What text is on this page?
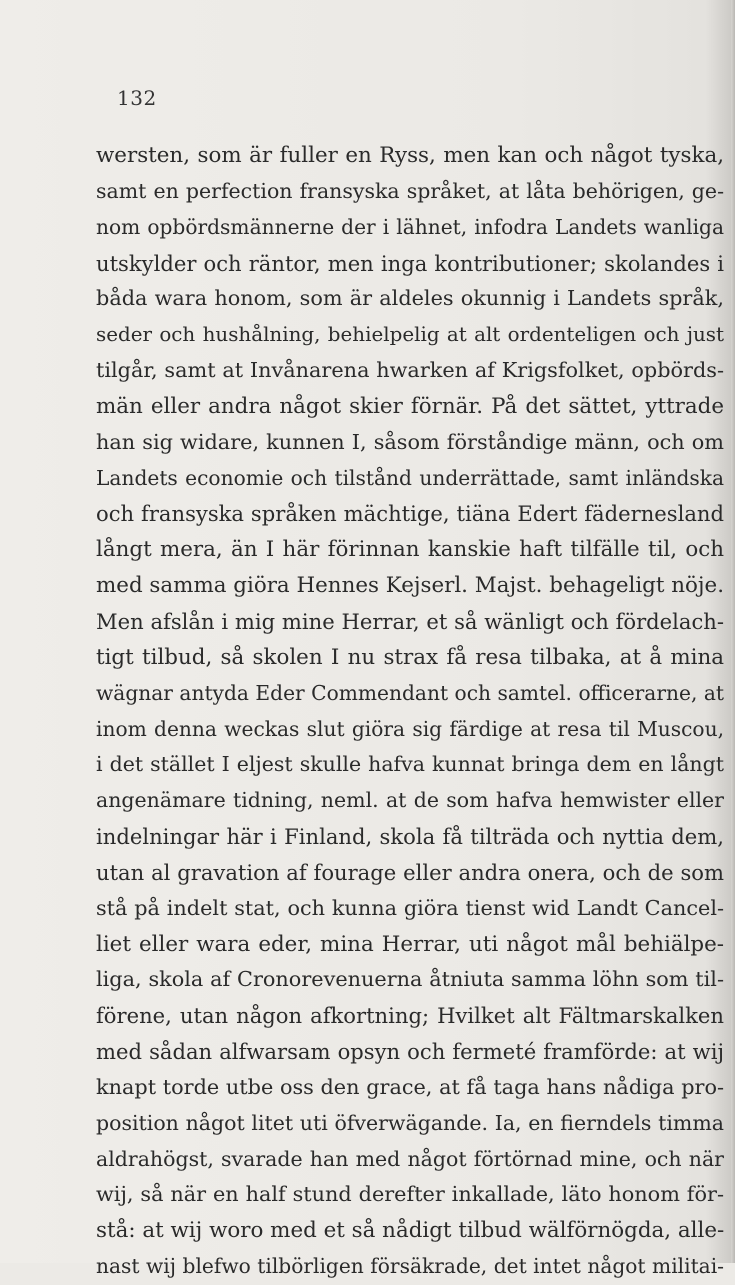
132
wersten, som är fuller en Ryss, men kan och något tyska,
samt en perfection fransyska språket, at låta behörigen, ge-
nom opbördsmännerne der i lähnet, infodra Landets wanliga
utskylder och räntor, men inga kontributioner; skolandes i
båda wara honom, som är aldeles okunnig i Landets språk,
seder och hushålning, behielpelig at alt ordenteligen och just
tilgår, samt at Invånarena hwarken af Krigsfolket, opbörds-
män eller andra något skier förnär. På det sättet, yttrade
han sig widare, kunnen I, såsom förståndige männ, och om
Landets economie och tilstånd underrättade, samt inländska
och fransyska språken mächtige, tiäna Edert fäderneslаnd
långt mera, än I här förinnan kanskie haft tilfälle til, och
med samma giöra Hennes Kejserl. Majst. behageligt nöje.
Men afslån i mig mine Herrar, et så wänligt och fördelach-
tigt tilbud, så skolen I nu strax få resa tilbaka, at å mina
wägnar antyda Eder Commendant och samtel. officerarne, at
inom denna weckas slut giöra sig färdige at resa til Muscou,
i det stället I eljest skulle hafva kunnat bringa dem en långt
angenämare tidning, neml. at de som hafva hemwister eller
indelningar här i Finland, skola få tilträda och nyttia dem,
utan al gravation af fourage eller andra onera, och de som
stå på indelt stat, och kunna giöra tienst wid Landt Cancel-
liet eller wara eder, mina Herrar, uti något mål behiälpe-
liga, skola af Cronorevenuerna åtniuta samma löhn som til-
förene, utan någon afkortning; Hvilket alt Fältmarskalken
med sådan alfwarsam opsyn och fermeté framförde: at wij
knapt torde utbe oss den grace, at få taga hans nådiga pro-
position något litet uti öfverwägande. Ia, en fierndels timma
aldrahögst, svarade han med något förtörnad mine, och när
wij, så när en half stund derefter inkallade, läto honom för-
stå: at wij woro med et så nådigt tilbud wälförnögda, alle-
nast wij blefwo tilbörligen försäkrade, det intet något militai-
